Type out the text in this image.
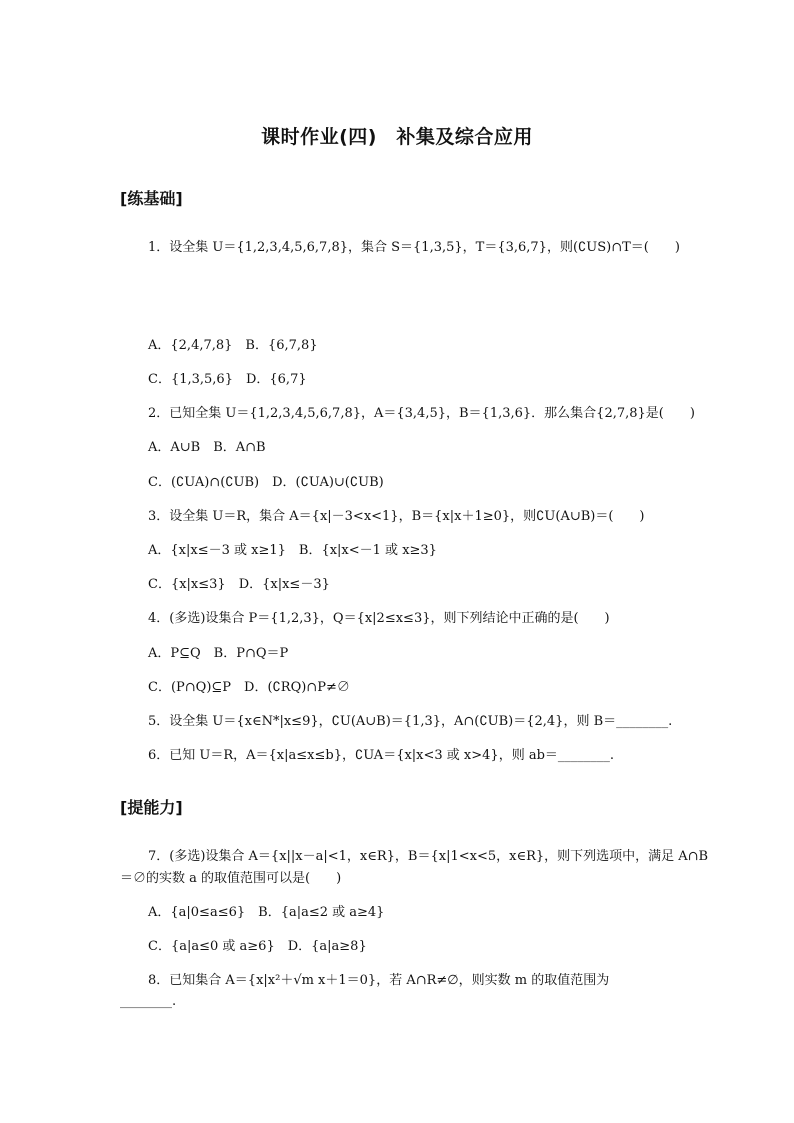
课时作业(四)　补集及综合应用
[练基础]
1．设全集 U＝{1,2,3,4,5,6,7,8}，集合 S＝{1,3,5}，T＝{3,6,7}，则(∁US)∩T＝(　　)
A．{2,4,7,8}　B．{6,7,8}
C．{1,3,5,6}　D．{6,7}
2．已知全集 U＝{1,2,3,4,5,6,7,8}，A＝{3,4,5}，B＝{1,3,6}．那么集合{2,7,8}是(　　)
A．A∪B　B．A∩B
C．(∁UA)∩(∁UB)　D．(∁UA)∪(∁UB)
3．设全集 U＝R，集合 A＝{x|－3<x<1}，B＝{x|x＋1≥0}，则∁U(A∪B)＝(　　)
A．{x|x≤－3 或 x≥1}　B．{x|x<－1 或 x≥3}
C．{x|x≤3}　D．{x|x≤－3}
4．(多选)设集合 P＝{1,2,3}，Q＝{x|2≤x≤3}，则下列结论中正确的是(　　)
A．P⊆Q　B．P∩Q＝P
C．(P∩Q)⊆P　D．(∁RQ)∩P≠∅
5．设全集 U＝{x∈N*|x≤9}，∁U(A∪B)＝{1,3}，A∩(∁UB)＝{2,4}，则 B＝________.
6．已知 U＝R，A＝{x|a≤x≤b}，∁UA＝{x|x<3 或 x>4}，则 ab＝________.
[提能力]
7．(多选)设集合 A＝{x||x－a|<1，x∈R}，B＝{x|1<x<5，x∈R}，则下列选项中，满足 A∩B
＝∅的实数 a 的取值范围可以是(　　)
A．{a|0≤a≤6}　B．{a|a≤2 或 a≥4}
C．{a|a≤0 或 a≥6}　D．{a|a≥8}
8．已知集合 A＝{x|x²＋√m x＋1＝0}，若 A∩R≠∅，则实数 m 的取值范围为
________.
